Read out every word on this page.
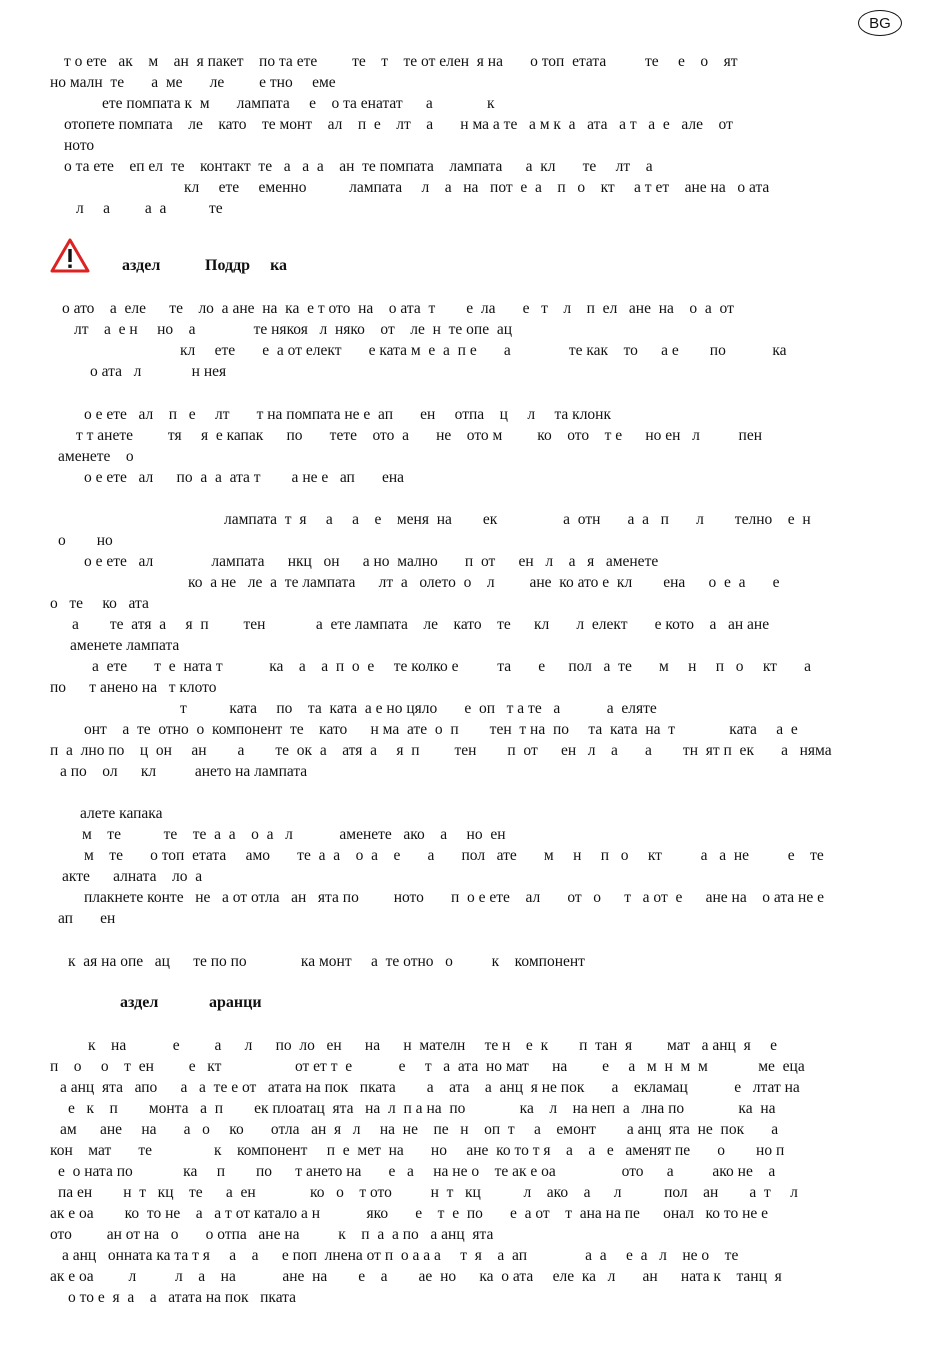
BG
т о ете   ак    м    ан  я пакет    по та ете         те    т    те от елен  я на       о топ  етата          те     е    о    ят
но малн  те       а  ме       ле         е тно     еме
ете помпата к  м       лампата     е    о та енатат      а              к
отопете помпата    ле    като    те монт    ал    п  е    лт    а       н ма а те   а м к  а   ата   а т   а  е   але    от
ното
о та ете    еп ел  те    контакт  те   а   а  а    ан  те помпата    лампата      а  кл       те     лт    а
кл     ете     еменно           лампата     л    а   на   пот  е  а    п   о    кт     а т ет    ане на   о ата
л     а         а  а           те
аздел	Поддр     ка
о ато    а  еле      те    ло  а ане  на  ка  е т ото  на    о ата  т        е  ла       е   т    л    п  ел   ане  на    о  а  от
лт    а  е н     но    а               те някоя   л  няко    от    ле  н  те опе  ац
кл     ете       е  а от елект       е ката м  е  а  п е       а               те как    то      а е        по            ка
о ата   л             н нея
о е ете   ал    п   е     лт       т на помпата не е  ап       ен     отпа    ц     л     та клонк
т т анете         тя     я  е капак      по       тете    ото  а       не    ото м         ко    ото    т е      но ен   л          пен
аменете    о
о е ете   ал      по  а  а  ата т        а не е   ап       ена
лампата  т  я     а     а    е    меня  на        ек                 а  отн       а  а   п       л        телно    е  н
о        но
о е ете   ал               лампата      нкц   он      а но  мално       п  от      ен   л    а   я   аменете
ко  а не   ле  а  те лампата      лт  а   олето  о    л         ане  ко ато е  кл        ена      о  е  а       е
о   те     ко   ата
а        те  атя  а     я  п         тен             а  ете лампата    ле    като    те      кл       л  елект       е кото    а   ан ане
аменете лампата
а  ете       т  е  ната т            ка    а    а  п  о  е     те колко е          та       е      пол   а  те       м     н     п   о     кт       а
по      т анено на   т клото
т           ката     по    та  ката  а е но цяло       е  оп   т а те   а            а  еляте
онт    а  те  отно  о  компонент  те    като      н ма  ате  о  п        тен  т на  по     та  ката  на  т              ката     а  е
п  а  лно по    ц  он     ан        а        те  ок  а    атя  а     я  п         тен        п  от      ен   л    а       а        тн  ят п  ек       а   няма
а по    ол      кл          ането на лампата
алете капака
м    те           те    те  а  а    о  а   л            аменете   ако    а     но  ен
м    те       о топ  етата     амо       те  а  а    о  а    е       а       пол   ате       м     н     п   о     кт          а   а  не          е    те
акте      алната    ло  а
плакнете конте   не   а от отла   ан   ята по         ното       п  о е ете    ал       от   о      т   а от  е      ане на    о ата не е
ап       ен
к  ая на опе   ац      те по по              ка монт     а  те отно   о          к    компонент
аздел	аранци
к    на            е         а      л      по  ло   ен      на      н  мателн     те н    е  к        п  тан  я         мат   а анц  я     е
п    о     о    т  ен         е   кт                   от ет т  е            е     т   а  ата  но мат      на         е     а   м  н  м  м             ме  еца
а анц  ята   апо      а   а  те е от   атата на пок   пката        а    ата    а  анц  я не пок       а    екламац            е   лтат на
е   к    п        монта   а  п        ек плоатац  ята   на  л  п а на  по              ка    л    на неп  а   лна по              ка  на
ам      ане     на       а   о     ко       отла   ан  я   л     на  не    пе   н    оп  т     а    емонт        а анц  ята  не  пок       а
кон    мат       те                к    компонент     п  е  мет  на       но     ане  ко то т я    а    а   е   аменят пе       о        но п
е  о ната по             ка     п        по      т ането на       е   а     на не о    те ак е оа                 ото      а          ако не    а
па ен        н  т   кц    те      а  ен              ко   о    т ото          н  т   кц           л    ако    а      л           пол    ан        а  т     л
ак е оа        ко  то не    а   а т от катало а н            яко       е    т  е  по       е  а от    т  ана на пе      онал   ко то не е
ото         ан от на   о       о отпа   ане на          к    п  а  а по   а анц  ята
а анц   онната ка та т я     а    а      е поп  лнена от п  о а а а     т  я    а  ап               а  а     е  а   л    не о    те
ак е оа         л          л    а    на            ане  на        е    а        ае  но      ка  о ата     еле  ка   л       ан      ната к    танц  я
о то е  я  а    а   атата на пок   пката
